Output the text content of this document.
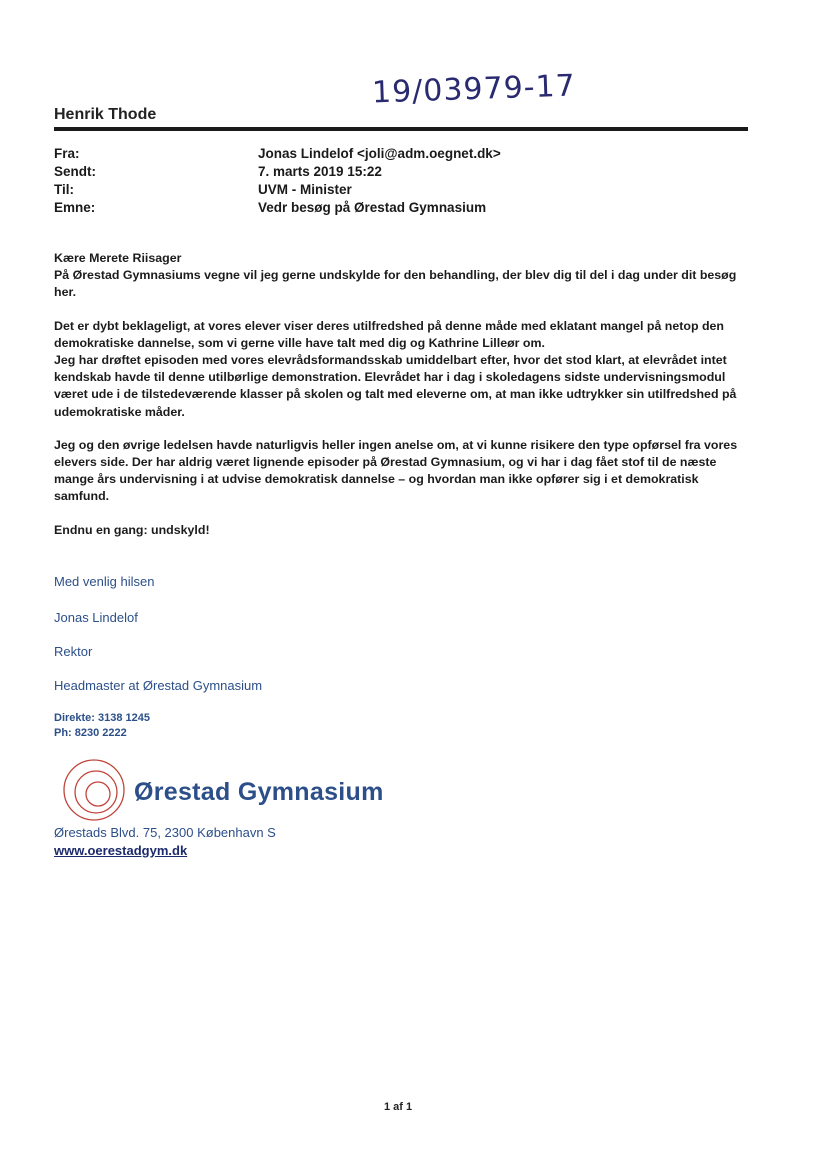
19/03979-17
Henrik Thode
Fra:	Jonas Lindelof <joli@adm.oegnet.dk>
Sendt:	7. marts 2019 15:22
Til:	UVM - Minister
Emne:	Vedr besøg på Ørestad Gymnasium

Kære Merete Riisager

På Ørestad Gymnasiums vegne vil jeg gerne undskylde for den behandling, der blev dig til del i dag under dit besøg her.

Det er dybt beklageligt, at vores elever viser deres utilfredshed på denne måde med eklatant mangel på netop den demokratiske dannelse, som vi gerne ville have talt med dig og Kathrine Lilleør om.

Jeg har drøftet episoden med vores elevrådsformandsskab umiddelbart efter, hvor det stod klart, at elevrådet intet kendskab havde til denne utilbørlige demonstration. Elevrådet har i dag i skoledagens sidste undervisningsmodul været ude i de tilstedeværende klasser på skolen og talt med eleverne om, at man ikke udtrykker sin utilfredshed på udemokratiske måder.

Jeg og den øvrige ledelsen havde naturligvis heller ingen anelse om, at vi kunne risikere den type opførsel fra vores elevers side. Der har aldrig været lignende episoder på Ørestad Gymnasium, og vi har i dag fået stof til de næste mange års undervisning i at udvise demokratisk dannelse – og hvordan man ikke opfører sig i et demokratisk samfund.

Endnu en gang: undskyld!

Med venlig hilsen
Jonas Lindelof
Rektor
Headmaster at Ørestad Gymnasium
Direkte: 3138 1245
Ph: 8230 2222
Ørestad Gymnasium
Ørestads Blvd. 75, 2300 København S
www.oerestadgym.dk
1 af 1
